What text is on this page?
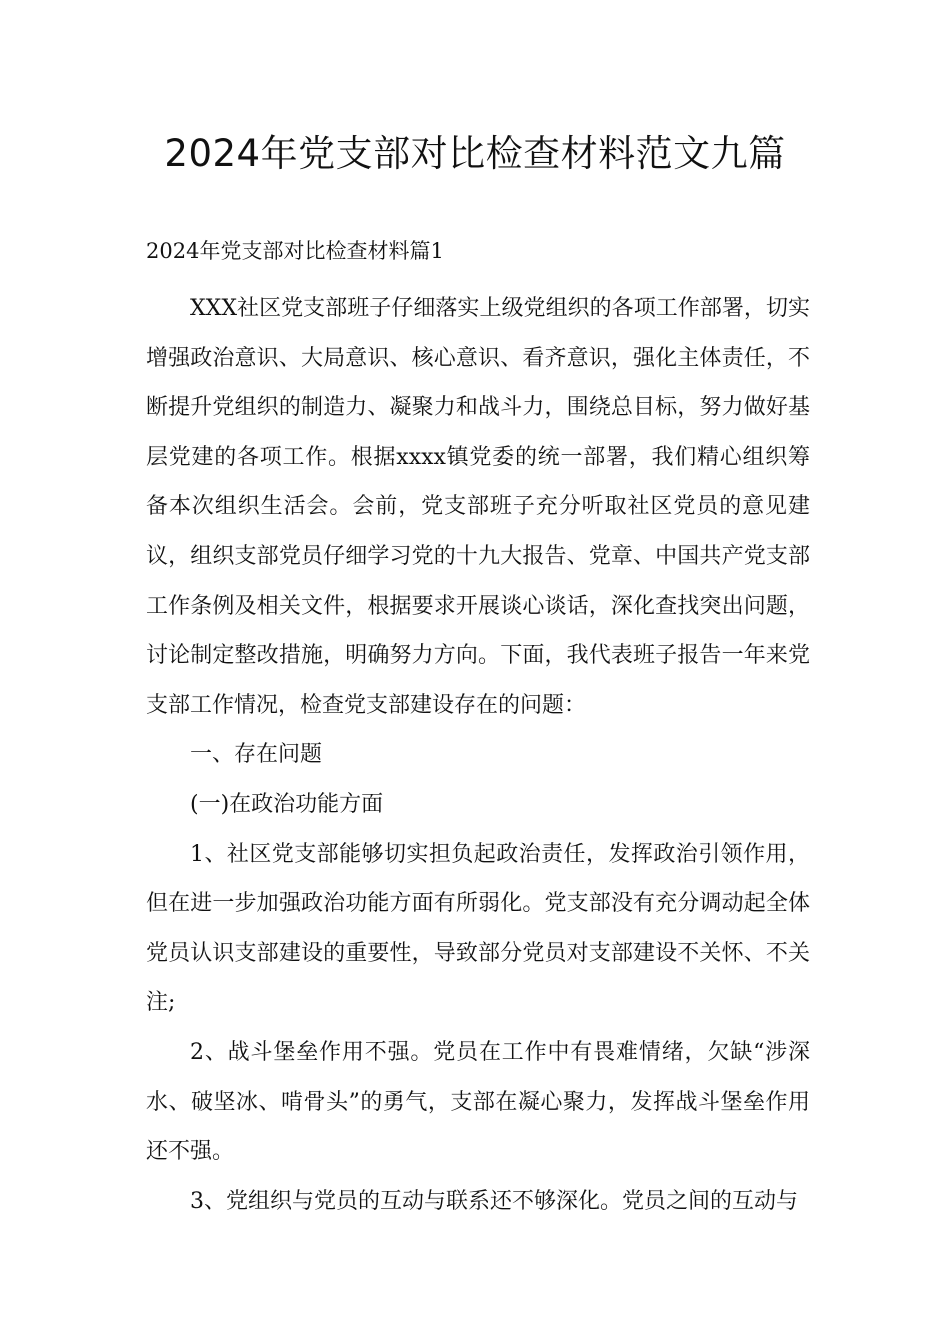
2024年党支部对比检查材料范文九篇

2024年党支部对比检查材料篇1

XXX社区党支部班子仔细落实上级党组织的各项工作部署，切实增强政治意识、大局意识、核心意识、看齐意识，强化主体责任，不断提升党组织的制造力、凝聚力和战斗力，围绕总目标，努力做好基层党建的各项工作。根据xxxx镇党委的统一部署，我们精心组织筹备本次组织生活会。会前，党支部班子充分听取社区党员的意见建议，组织支部党员仔细学习党的十九大报告、党章、中国共产党支部工作条例及相关文件，根据要求开展谈心谈话，深化查找突出问题，讨论制定整改措施，明确努力方向。下面，我代表班子报告一年来党支部工作情况，检查党支部建设存在的问题：

一、存在问题

(一)在政治功能方面

1、社区党支部能够切实担负起政治责任，发挥政治引领作用，但在进一步加强政治功能方面有所弱化。党支部没有充分调动起全体党员认识支部建设的重要性，导致部分党员对支部建设不关怀、不关注;

2、战斗堡垒作用不强。党员在工作中有畏难情绪，欠缺“涉深水、破坚冰、啃骨头”的勇气，支部在凝心聚力，发挥战斗堡垒作用还不强。

3、党组织与党员的互动与联系还不够深化。党员之间的互动与
